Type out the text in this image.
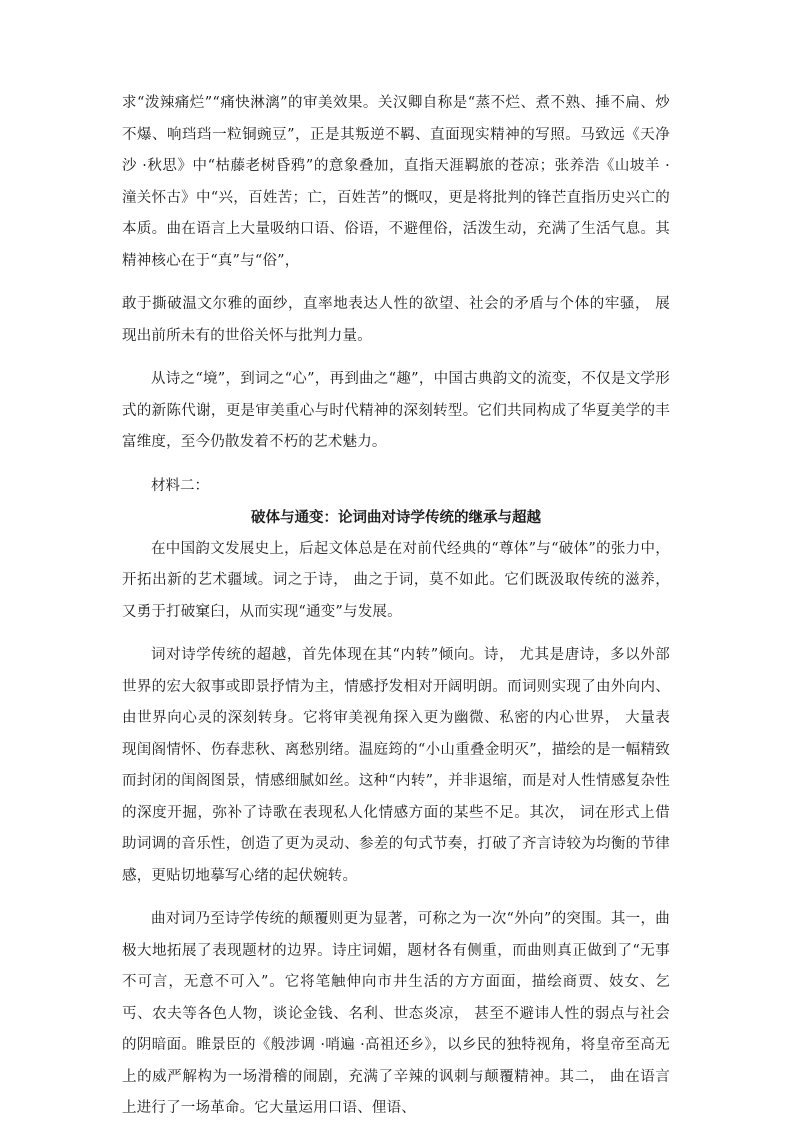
求“泼辣痛烂”“痛快淋漓”的审美效果。关汉卿自称是“蒸不烂、煮不熟、捶不扁、炒不爆、响珰珰一粒铜豌豆”，正是其叛逆不羁、直面现实精神的写照。马致远《天净沙 ·秋思》中“枯藤老树昏鸦”的意象叠加，直指天涯羁旅的苍凉；张养浩《山坡羊 ·潼关怀古》中“兴，百姓苦；亡，百姓苦”的慨叹，更是将批判的锋芒直指历史兴亡的本质。曲在语言上大量吸纳口语、俗语，不避俚俗，活泼生动，充满了生活气息。其精神核心在于“真”与“俗”，

敢于撕破温文尔雅的面纱，直率地表达人性的欲望、社会的矛盾与个体的牢骚， 展现出前所未有的世俗关怀与批判力量。

从诗之“境”，到词之“心”，再到曲之“趣”，中国古典韵文的流变，不仅是文学形式的新陈代谢，更是审美重心与时代精神的深刻转型。它们共同构成了华夏美学的丰富维度，至今仍散发着不朽的艺术魅力。

材料二：

破体与通变：论词曲对诗学传统的继承与超越

在中国韵文发展史上，后起文体总是在对前代经典的“尊体”与“破体”的张力中，开拓出新的艺术疆域。词之于诗， 曲之于词，莫不如此。它们既汲取传统的滋养， 又勇于打破窠臼，从而实现“通变”与发展。

词对诗学传统的超越，首先体现在其“内转”倾向。诗， 尤其是唐诗，多以外部世界的宏大叙事或即景抒情为主，情感抒发相对开阔明朗。而词则实现了由外向内、由世界向心灵的深刻转身。它将审美视角探入更为幽微、私密的内心世界， 大量表现闺阁情怀、伤春悲秋、离愁别绪。温庭筠的“小山重叠金明灭”，描绘的是一幅精致而封闭的闺阁图景，情感细腻如丝。这种“内转”，并非退缩，而是对人性情感复杂性的深度开掘，弥补了诗歌在表现私人化情感方面的某些不足。其次， 词在形式上借助词调的音乐性，创造了更为灵动、参差的句式节奏，打破了齐言诗较为均衡的节律感，更贴切地摹写心绪的起伏婉转。

曲对词乃至诗学传统的颠覆则更为显著，可称之为一次“外向”的突围。其一，曲极大地拓展了表现题材的边界。诗庄词媚，题材各有侧重，而曲则真正做到了“无事不可言，无意不可入”。它将笔触伸向市井生活的方方面面，描绘商贾、妓女、乞丐、农夫等各色人物，谈论金钱、名利、世态炎凉， 甚至不避讳人性的弱点与社会的阴暗面。睢景臣的《般涉调 ·哨遍 ·高祖还乡》，以乡民的独特视角，将皇帝至高无上的威严解构为一场滑稽的闹剧，充满了辛辣的讽刺与颠覆精神。其二， 曲在语言上进行了一场革命。它大量运用口语、俚语、
